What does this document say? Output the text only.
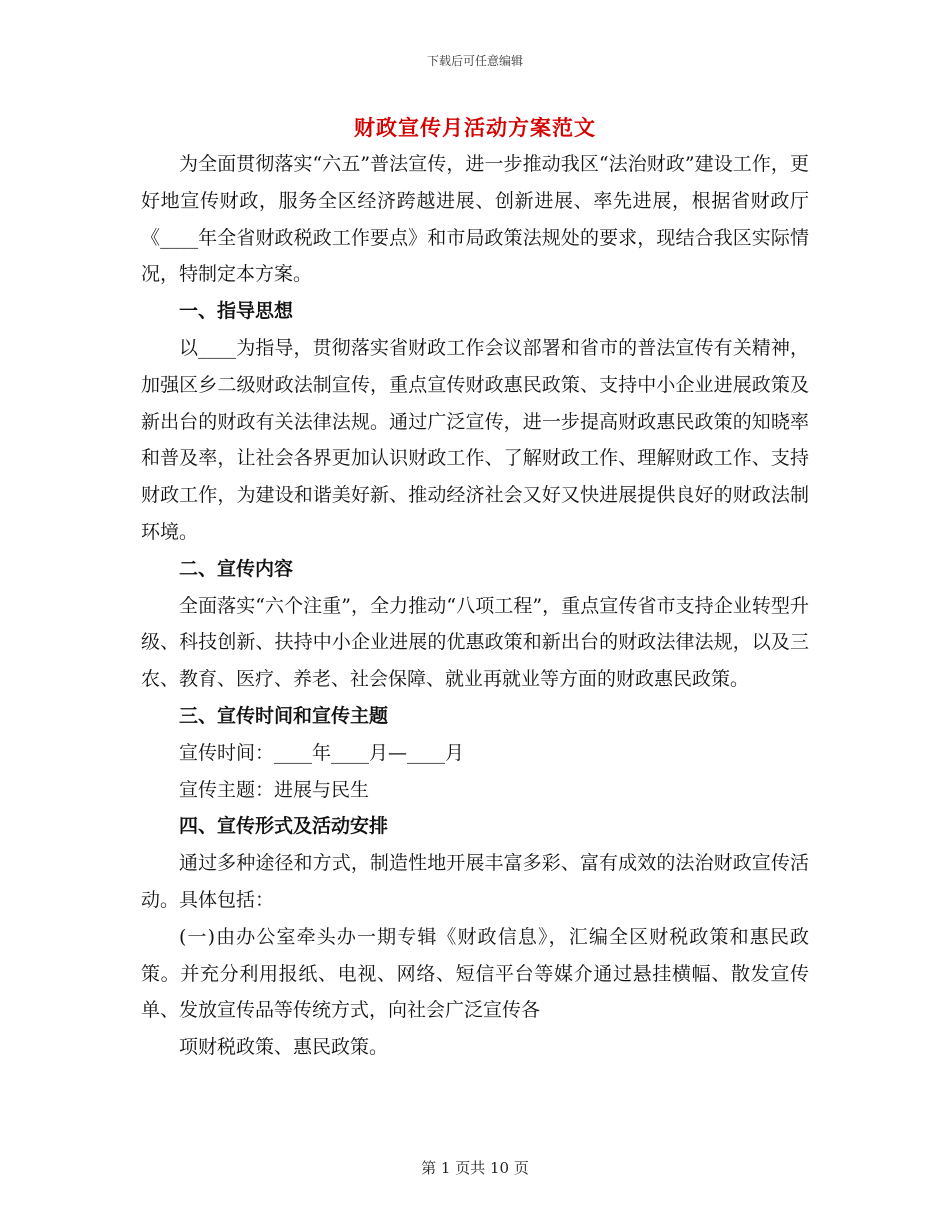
下载后可任意编辑
财政宣传月活动方案范文

为全面贯彻落实“六五”普法宣传，进一步推动我区“法治财政”建设工作，更好地宣传财政，服务全区经济跨越进展、创新进展、率先进展，根据省财政厅《____年全省财政税政工作要点》和市局政策法规处的要求，现结合我区实际情况，特制定本方案。

一、指导思想

以____为指导，贯彻落实省财政工作会议部署和省市的普法宣传有关精神，加强区乡二级财政法制宣传，重点宣传财政惠民政策、支持中小企业进展政策及新出台的财政有关法律法规。通过广泛宣传，进一步提高财政惠民政策的知晓率和普及率，让社会各界更加认识财政工作、了解财政工作、理解财政工作、支持财政工作，为建设和谐美好新、推动经济社会又好又快进展提供良好的财政法制环境。

二、宣传内容

全面落实“六个注重”，全力推动“八项工程”，重点宣传省市支持企业转型升级、科技创新、扶持中小企业进展的优惠政策和新出台的财政法律法规，以及三农、教育、医疗、养老、社会保障、就业再就业等方面的财政惠民政策。

三、宣传时间和宣传主题

宣传时间：____年____月—____月

宣传主题：进展与民生

四、宣传形式及活动安排

通过多种途径和方式，制造性地开展丰富多彩、富有成效的法治财政宣传活动。具体包括：

(一)由办公室牵头办一期专辑《财政信息》，汇编全区财税政策和惠民政策。并充分利用报纸、电视、网络、短信平台等媒介通过悬挂横幅、散发宣传单、发放宣传品等传统方式，向社会广泛宣传各

项财税政策、惠民政策。

第 1 页共 10 页
